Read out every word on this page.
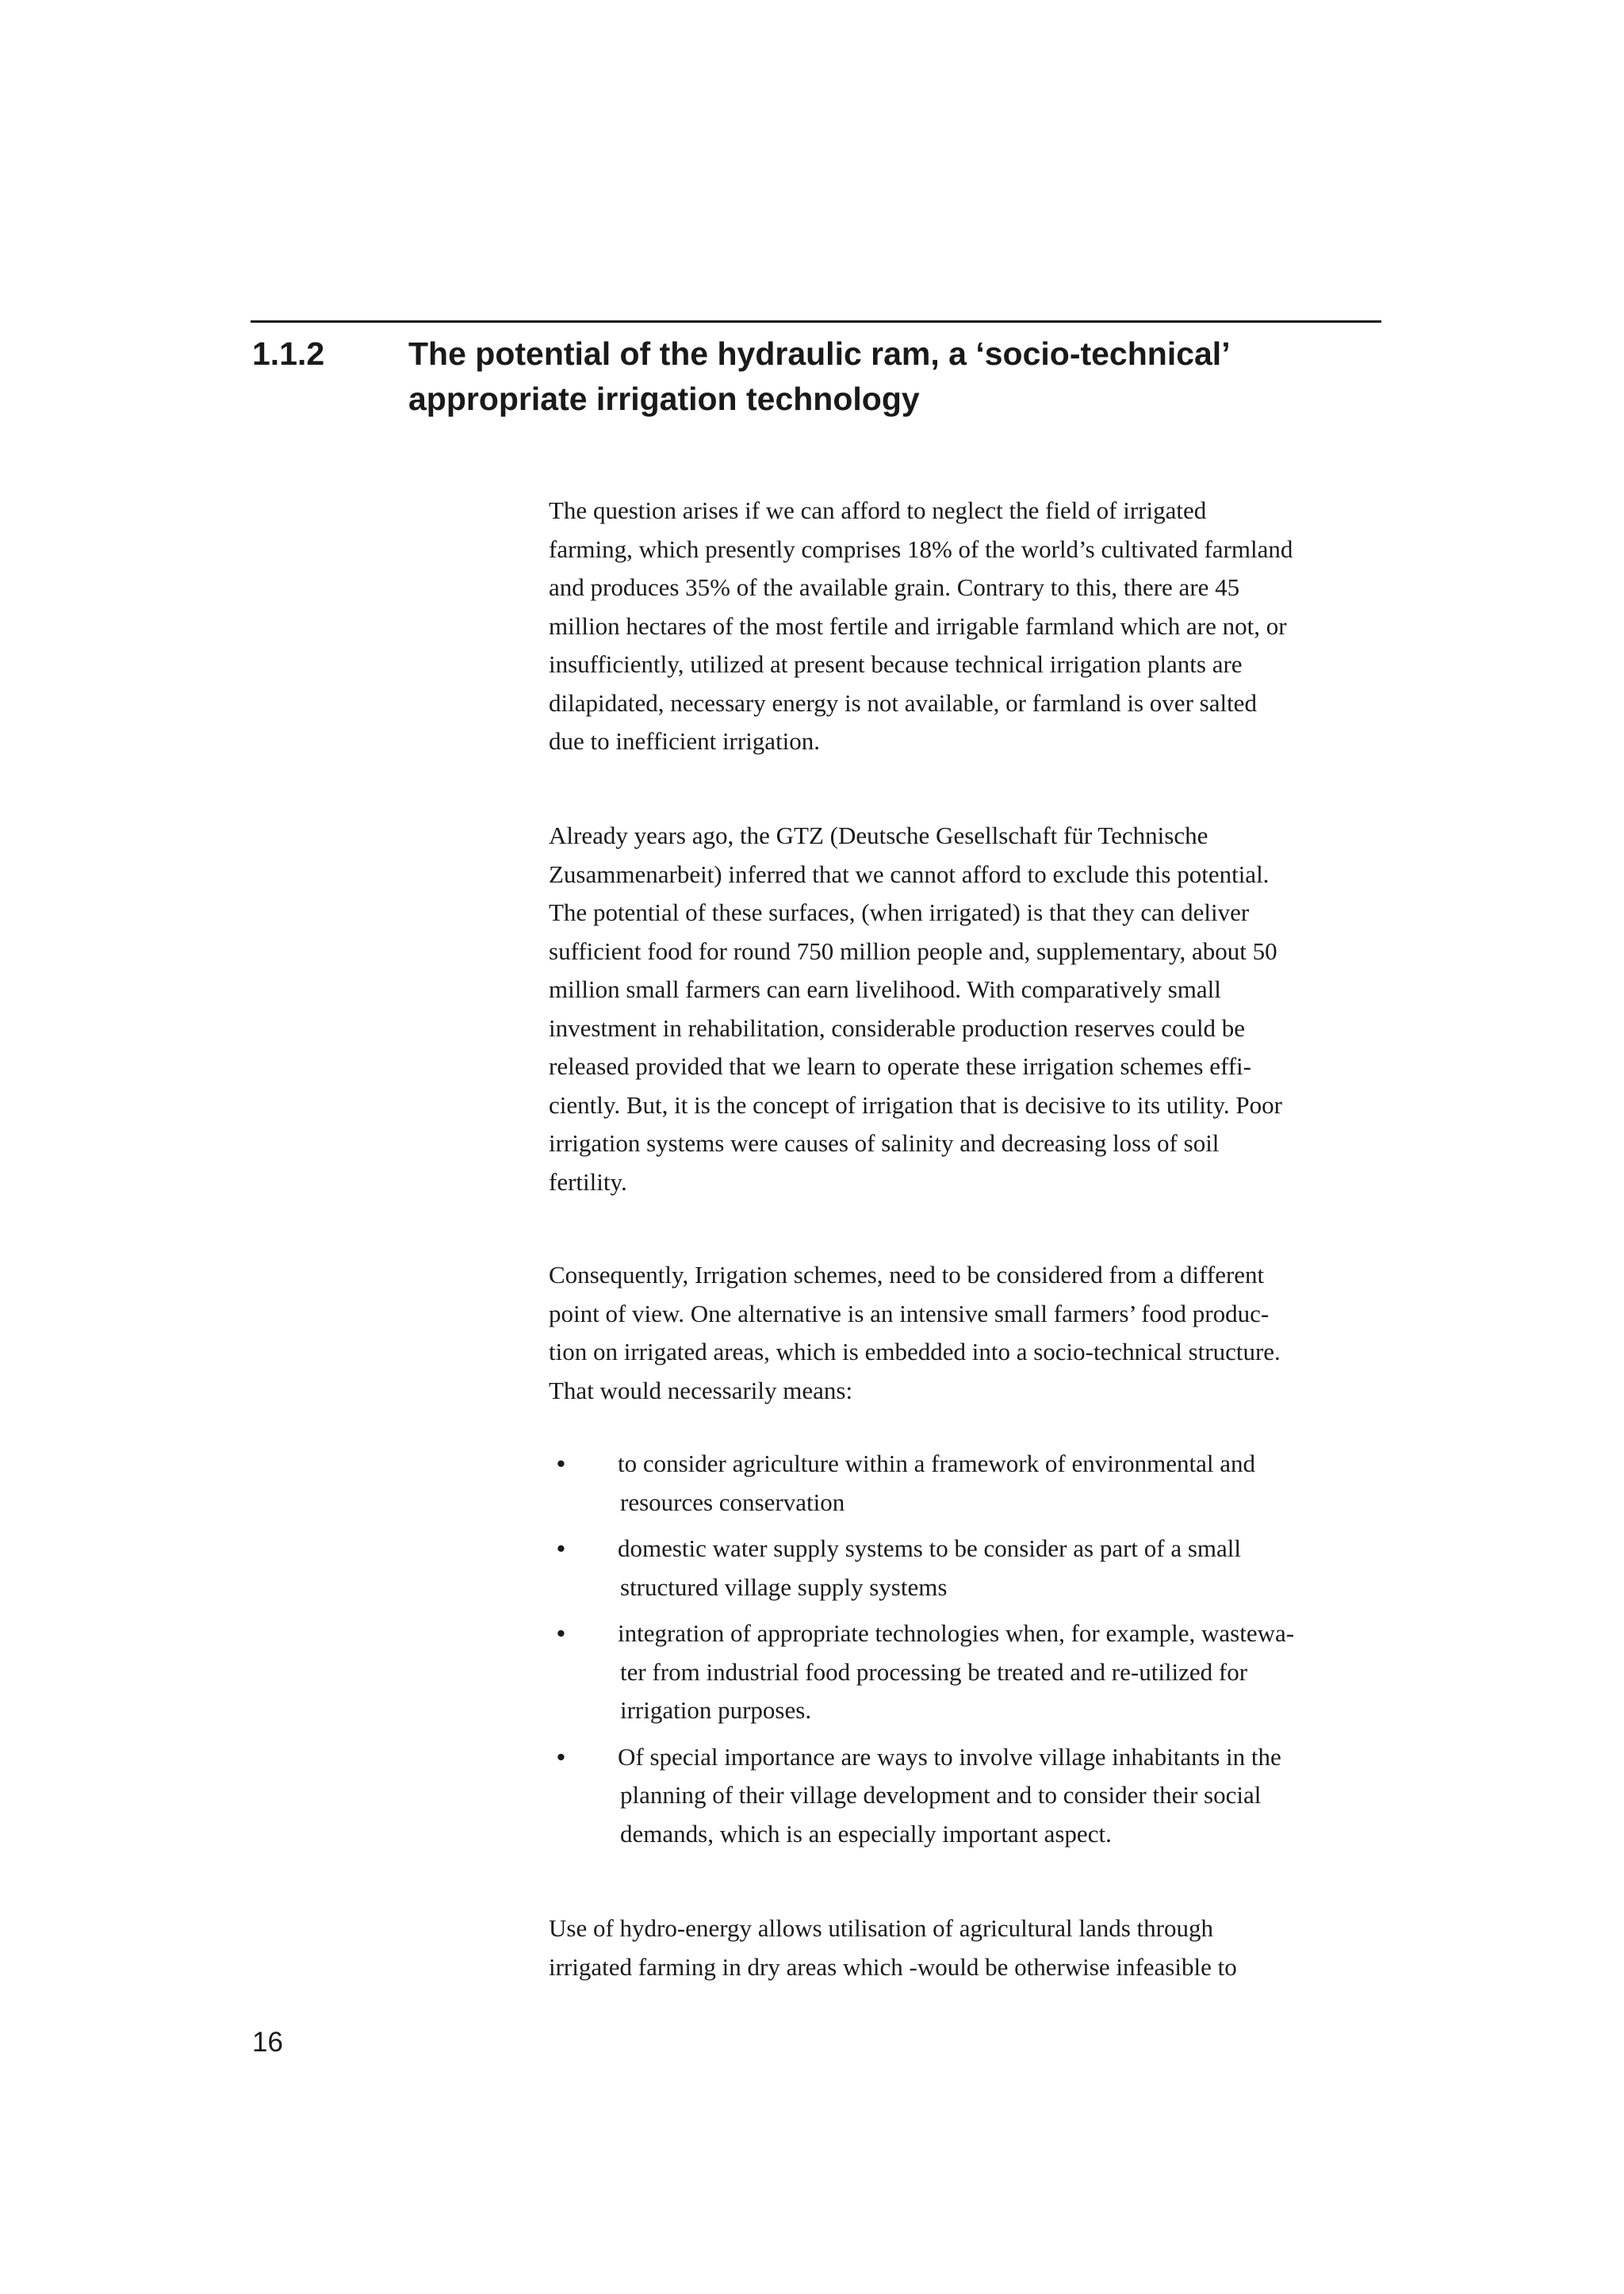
1.1.2	The potential of the hydraulic ram, a ‘socio-technical’
appropriate irrigation technology
The question arises if we can afford to neglect the field of irrigated
farming, which presently comprises 18% of the world’s cultivated farmland
and produces 35% of the available grain. Contrary to this, there are 45
million hectares of the most fertile and irrigable farmland which are not, or
insufficiently, utilized at present because technical irrigation plants are
dilapidated, necessary energy is not available, or farmland is over salted
due to inefficient irrigation.
Already years ago, the GTZ (Deutsche Gesellschaft für Technische
Zusammenarbeit) inferred that we cannot afford to exclude this potential.
The potential of these surfaces, (when irrigated) is that they can deliver
sufficient food for round 750 million people and, supplementary, about 50
million small farmers can earn livelihood. With comparatively small
investment in rehabilitation, considerable production reserves could be
released provided that we learn to operate these irrigation schemes effi-
ciently. But, it is the concept of irrigation that is decisive to its utility. Poor
irrigation systems were causes of salinity and decreasing loss of soil
fertility.
Consequently, Irrigation schemes, need to be considered from a different
point of view. One alternative is an intensive small farmers’ food produc-
tion on irrigated areas, which is embedded into a socio-technical structure.
That would necessarily means:
• to consider agriculture within a framework of environmental and
resources conservation
• domestic water supply systems to be consider as part of a small
structured village supply systems
• integration of appropriate technologies when, for example, wastewa-
ter from industrial food processing be treated and re-utilized for
irrigation purposes.
• Of special importance are ways to involve village inhabitants in the
planning of their village development and to consider their social
demands, which is an especially important aspect.
Use of hydro-energy allows utilisation of agricultural lands through
irrigated farming in dry areas which -would be otherwise infeasible to
16
